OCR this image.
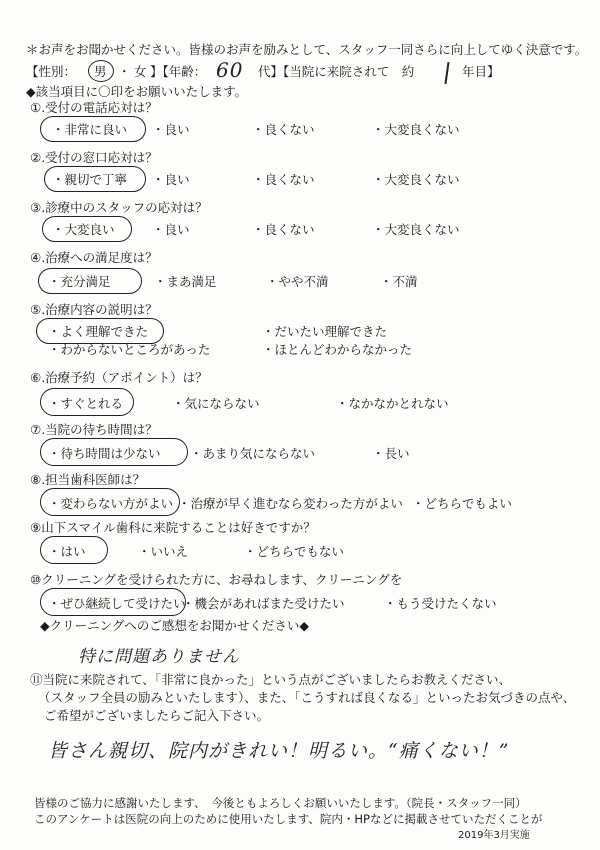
＊お声をお聞かせください。皆様のお声を励みとして、スタッフ一同さらに向上してゆく決意です。
【性別： 男 ・ 女 】【年齢： 60 代】【当院に来院されて　約	年目】
◆該当項目に〇印をお願いいたします。
①.受付の電話応対は？
・非常に良い ・良い	・良くない	・大変良くない
②.受付の窓口応対は？
・親切で丁寧 ・良い	・良くない	・大変良くない
③.診療中のスタッフの応対は？
・大変良い	・良い	・良くない	・大変良くない
④.治療への満足度は？
・充分満足	・まあ満足	・やや不満	・不満
⑤.治療内容の説明は？
・よく理解できた	・だいたい理解できた
・わからないところがあった	・ほとんどわからなかった
⑥.治療予約（アポイント）は？
・すぐとれる	・気にならない	・なかなかとれない
⑦.当院の待ち時間は？
・待ち時間は少ない ・あまり気にならない	・長い
⑧.担当歯科医師は？
・変わらない方がよい ・治療が早く進むなら変わった方がよい ・どちらでもよい
⑨山下スマイル歯科に来院することは好きですか？
・はい	・いいえ	・どちらでもない
⑩クリーニングを受けられた方に、お尋ねします、クリーニングを
・ぜひ継続して受けたい
・機会があればまた受けたい	・もう受けたくない
◆クリーニングへのご感想をお聞かせください◆
特に問題ありません
⑪当院に来院されて、「非常に良かった」という点がございましたらお教えください、
（スタッフ全員の励みといたします）、また、「こうすれば良くなる」といったお気づきの点や、
ご希望がございましたらご記入下さい。
皆さん親切、院内がきれい！明るい。“痛くない！”
皆様のご協力に感謝いたします、　今後ともよろしくお願いいたします。（院長・スタッフ一同）
このアンケートは医院の向上のために使用いたします、院内・HPなどに掲載させていただくことが
2019年3月実施
